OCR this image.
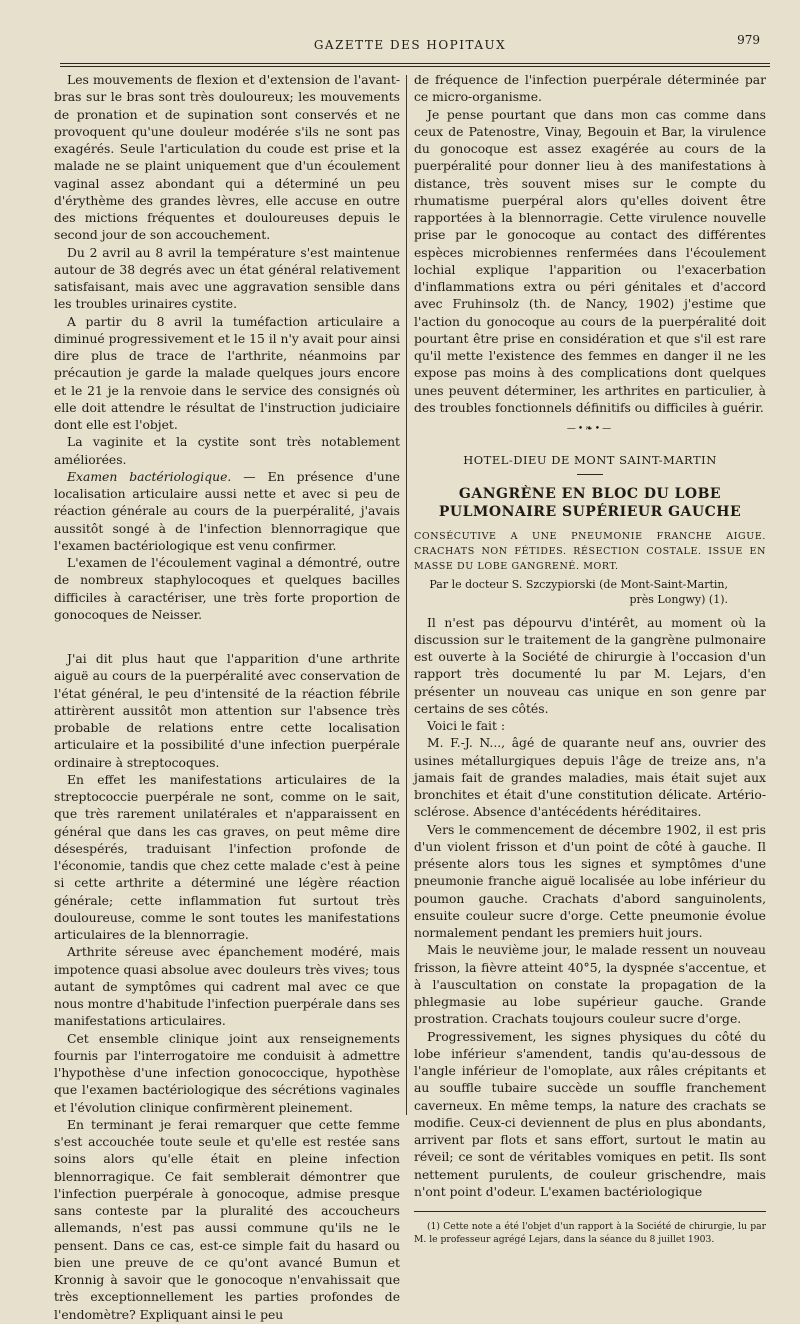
GAZETTE DES HOPITAUX	979

Les mouvements de flexion et d'extension de l'avant-bras sur le bras sont très douloureux; les mouvements de pronation et de supination sont conservés et ne provoquent qu'une douleur modérée s'ils ne sont pas exagérés. Seule l'articulation du coude est prise et la malade ne se plaint uniquement que d'un écoulement vaginal assez abondant qui a déterminé un peu d'érythème des grandes lèvres, elle accuse en outre des mictions fréquentes et douloureuses depuis le second jour de son accouchement.

Du 2 avril au 8 avril la température s'est maintenue autour de 38 degrés avec un état général relativement satisfaisant, mais avec une aggravation sensible dans les troubles urinaires cystite.

A partir du 8 avril la tuméfaction articulaire a diminué progressivement et le 15 il n'y avait pour ainsi dire plus de trace de l'arthrite, néanmoins par précaution je garde la malade quelques jours encore et le 21 je la renvoie dans le service des consignés où elle doit attendre le résultat de l'instruction judiciaire dont elle est l'objet.

La vaginite et la cystite sont très notablement améliorées.

Examen bactériologique. — En présence d'une localisation articulaire aussi nette et avec si peu de réaction générale au cours de la puerpéralité, j'avais aussitôt songé à de l'infection blennorragique que l'examen bactériologique est venu confirmer.

L'examen de l'écoulement vaginal a démontré, outre de nombreux staphylocoques et quelques bacilles difficiles à caractériser, une très forte proportion de gonocoques de Neisser.

J'ai dit plus haut que l'apparition d'une arthrite aiguë au cours de la puerpéralité avec conservation de l'état général, le peu d'intensité de la réaction fébrile attirèrent aussitôt mon attention sur l'absence très probable de relations entre cette localisation articulaire et la possibilité d'une infection puerpérale ordinaire à streptocoques.

En effet les manifestations articulaires de la streptococcie puerpérale ne sont, comme on le sait, que très rarement unilatérales et n'apparaissent en général que dans les cas graves, on peut même dire désespérés, traduisant l'infection profonde de l'économie, tandis que chez cette malade c'est à peine si cette arthrite a déterminé une légère réaction générale; cette inflammation fut surtout très douloureuse, comme le sont toutes les manifestations articulaires de la blennorragie.

Arthrite séreuse avec épanchement modéré, mais impotence quasi absolue avec douleurs très vives; tous autant de symptômes qui cadrent mal avec ce que nous montre d'habitude l'infection puerpérale dans ses manifestations articulaires.

Cet ensemble clinique joint aux renseignements fournis par l'interrogatoire me conduisit à admettre l'hypothèse d'une infection gonococcique, hypothèse que l'examen bactériologique des sécrétions vaginales et l'évolution clinique confirmèrent pleinement.

En terminant je ferai remarquer que cette femme s'est accouchée toute seule et qu'elle est restée sans soins alors qu'elle était en pleine infection blennorragique. Ce fait semblerait démontrer que l'infection puerpérale à gonocoque, admise presque sans conteste par la pluralité des accoucheurs allemands, n'est pas aussi commune qu'ils ne le pensent. Dans ce cas, est-ce simple fait du hasard ou bien une preuve de ce qu'ont avancé Bumun et Kronnig à savoir que le gonocoque n'envahissait que très exceptionnellement les parties profondes de l'endomètre? Expliquant ainsi le peu

de fréquence de l'infection puerpérale déterminée par ce micro-organisme.

Je pense pourtant que dans mon cas comme dans ceux de Patenostre, Vinay, Begouin et Bar, la virulence du gonocoque est assez exagérée au cours de la puerpéralité pour donner lieu à des manifestations à distance, très souvent mises sur le compte du rhumatisme puerpéral alors qu'elles doivent être rapportées à la blennorragie. Cette virulence nouvelle prise par le gonocoque au contact des différentes espèces microbiennes renfermées dans l'écoulement lochial explique l'apparition ou l'exacerbation d'inflammations extra ou péri génitales et d'accord avec Fruhinsolz (th. de Nancy, 1902) j'estime que l'action du gonocoque au cours de la puerpéralité doit pourtant être prise en considération et que s'il est rare qu'il mette l'existence des femmes en danger il ne les expose pas moins à des complications dont quelques unes peuvent déterminer, les arthrites en particulier, à des troubles fonctionnels définitifs ou difficiles à guérir.

—•❧•—
HOTEL-DIEU DE MONT SAINT-MARTIN
GANGRÈNE EN BLOC DU LOBE PULMONAIRE SUPÉRIEUR GAUCHE
CONSÉCUTIVE A UNE PNEUMONIE FRANCHE AIGUE. CRACHATS NON FÉTIDES. RÉSECTION COSTALE. ISSUE EN MASSE DU LOBE GANGRENÉ. MORT.
Par le docteur S. Szczypiorski (de Mont-Saint-Martin, près Longwy) (1).

Il n'est pas dépourvu d'intérêt, au moment où la discussion sur le traitement de la gangrène pulmonaire est ouverte à la Société de chirurgie à l'occasion d'un rapport très documenté lu par M. Lejars, d'en présenter un nouveau cas unique en son genre par certains de ses côtés.

Voici le fait :

M. F.-J. N..., âgé de quarante neuf ans, ouvrier des usines métallurgiques depuis l'âge de treize ans, n'a jamais fait de grandes maladies, mais était sujet aux bronchites et était d'une constitution délicate. Artério-sclérose. Absence d'antécédents héréditaires.

Vers le commencement de décembre 1902, il est pris d'un violent frisson et d'un point de côté à gauche. Il présente alors tous les signes et symptômes d'une pneumonie franche aiguë localisée au lobe inférieur du poumon gauche. Crachats d'abord sanguinolents, ensuite couleur sucre d'orge. Cette pneumonie évolue normalement pendant les premiers huit jours.

Mais le neuvième jour, le malade ressent un nouveau frisson, la fièvre atteint 40°5, la dyspnée s'accentue, et à l'auscultation on constate la propagation de la phlegmasie au lobe supérieur gauche. Grande prostration. Crachats toujours couleur sucre d'orge.

Progressivement, les signes physiques du côté du lobe inférieur s'amendent, tandis qu'au-dessous de l'angle inférieur de l'omoplate, aux râles crépitants et au souffle tubaire succède un souffle franchement caverneux. En même temps, la nature des crachats se modifie. Ceux-ci deviennent de plus en plus abondants, arrivent par flots et sans effort, surtout le matin au réveil; ce sont de véritables vomiques en petit. Ils sont nettement purulents, de couleur grischendre, mais n'ont point d'odeur. L'examen bactériologique

(1) Cette note a été l'objet d'un rapport à la Société de chirurgie, lu par M. le professeur agrégé Lejars, dans la séance du 8 juillet 1903.
